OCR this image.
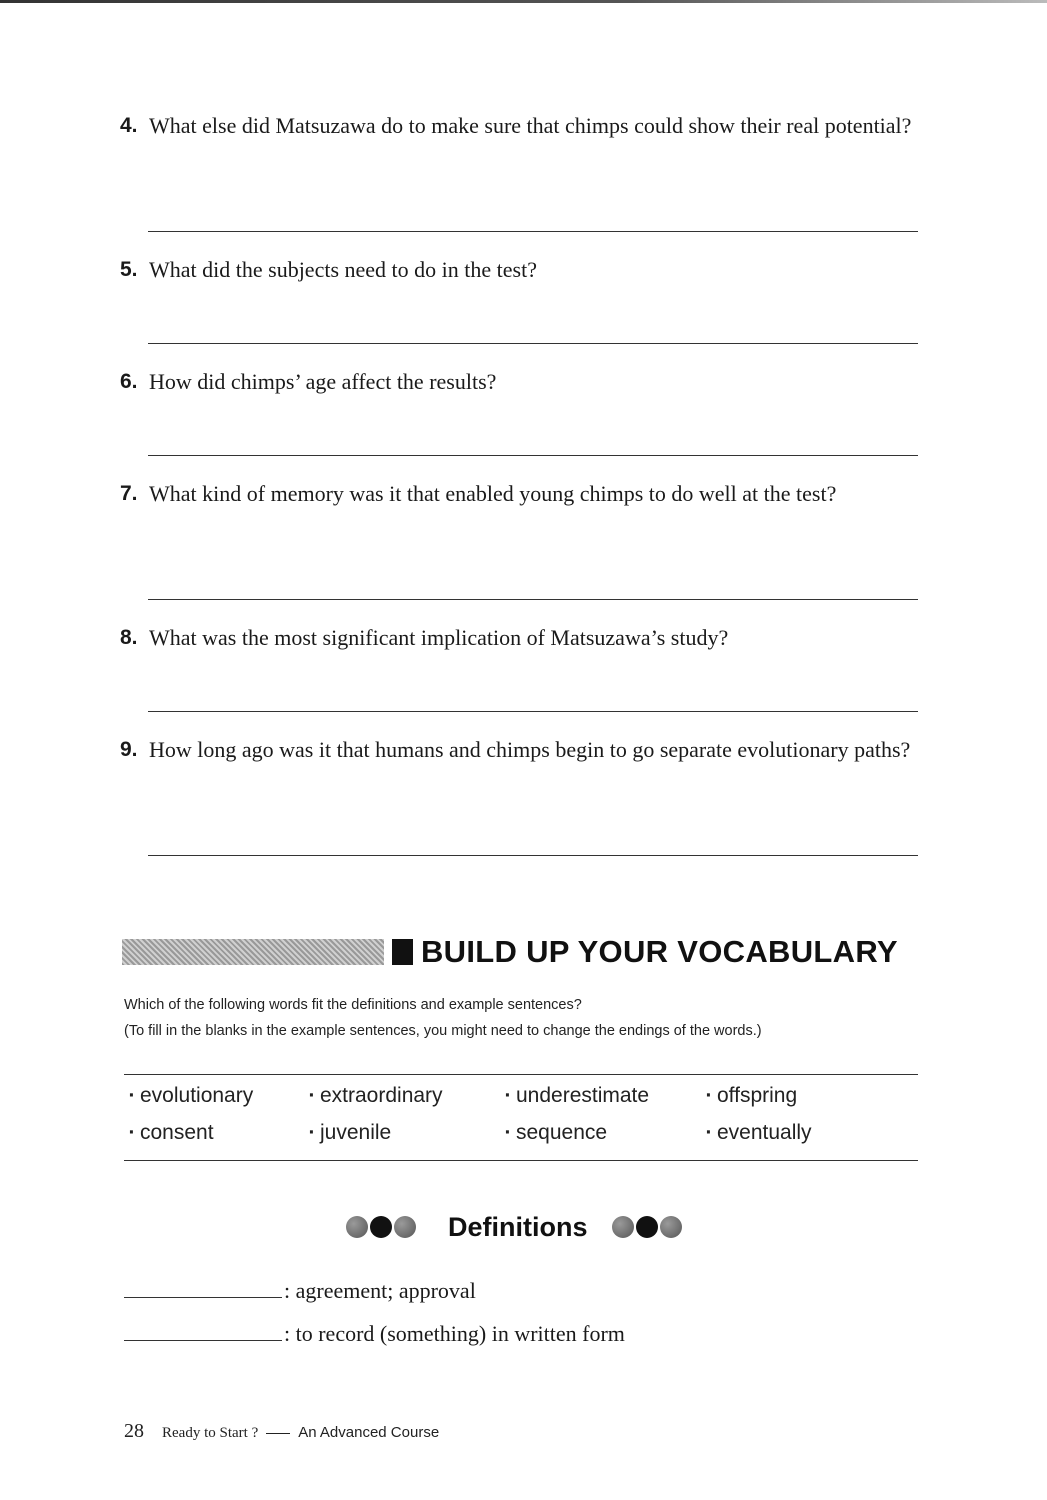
4. What else did Matsuzawa do to make sure that chimps could show their real potential?
5. What did the subjects need to do in the test?
6. How did chimps’ age affect the results?
7. What kind of memory was it that enabled young chimps to do well at the test?
8. What was the most significant implication of Matsuzawa’s study?
9. How long ago was it that humans and chimps begin to go separate evolutionary paths?
BUILD UP YOUR VOCABULARY
Which of the following words fit the definitions and example sentences?
(To fill in the blanks in the example sentences, you might need to change the endings of the words.)
· evolutionary	· extraordinary	· underestimate	· offspring
· consent	· juvenile	· sequence	· eventually
Definitions
: agreement; approval
: to record (something) in written form
28 Ready to Start ?	An Advanced Course
